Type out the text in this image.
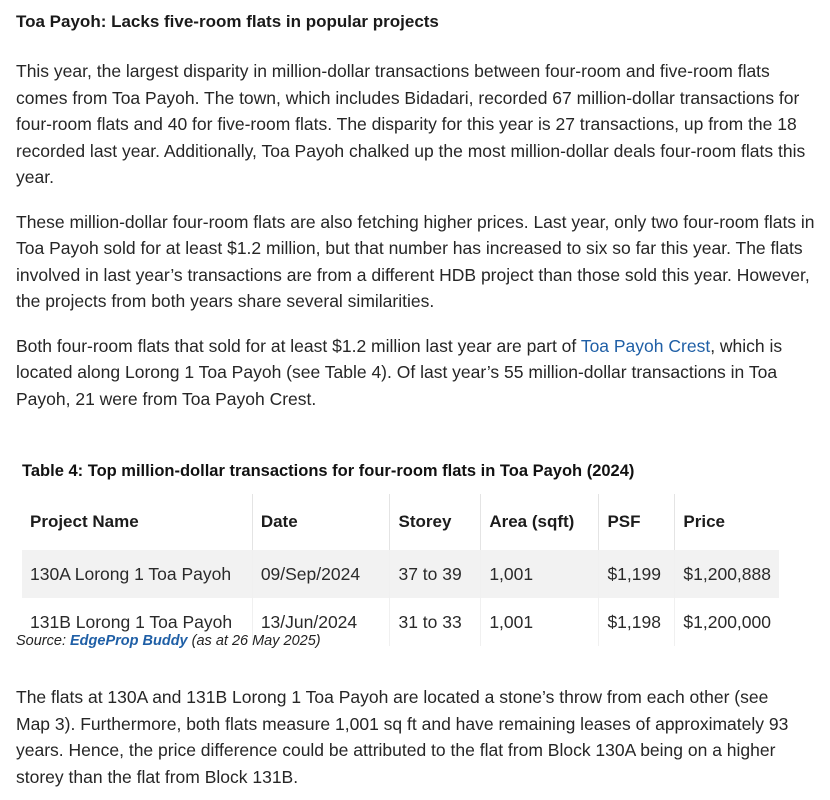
Toa Payoh: Lacks five-room flats in popular projects

This year, the largest disparity in million-dollar transactions between four-room and five-room flats comes from Toa Payoh. The town, which includes Bidadari, recorded 67 million-dollar transactions for four-room flats and 40 for five-room flats. The disparity for this year is 27 transactions, up from the 18 recorded last year. Additionally, Toa Payoh chalked up the most million-dollar deals four-room flats this year.

These million-dollar four-room flats are also fetching higher prices. Last year, only two four-room flats in Toa Payoh sold for at least $1.2 million, but that number has increased to six so far this year. The flats involved in last year’s transactions are from a different HDB project than those sold this year. However, the projects from both years share several similarities.

Both four-room flats that sold for at least $1.2 million last year are part of Toa Payoh Crest, which is located along Lorong 1 Toa Payoh (see Table 4). Of last year’s 55 million-dollar transactions in Toa Payoh, 21 were from Toa Payoh Crest.

Table 4: Top million-dollar transactions for four-room flats in Toa Payoh (2024)

Project Name	Date	Storey	Area (sqft)	PSF	Price
130A Lorong 1 Toa Payoh	09/Sep/2024	37 to 39	1,001	$1,199	$1,200,888
131B Lorong 1 Toa Payoh	13/Jun/2024	31 to 33	1,001	$1,198	$1,200,000
Source: EdgeProp Buddy (as at 26 May 2025)

The flats at 130A and 131B Lorong 1 Toa Payoh are located a stone’s throw from each other (see Map 3). Furthermore, both flats measure 1,001 sq ft and have remaining leases of approximately 93 years. Hence, the price difference could be attributed to the flat from Block 130A being on a higher storey than the flat from Block 131B.
